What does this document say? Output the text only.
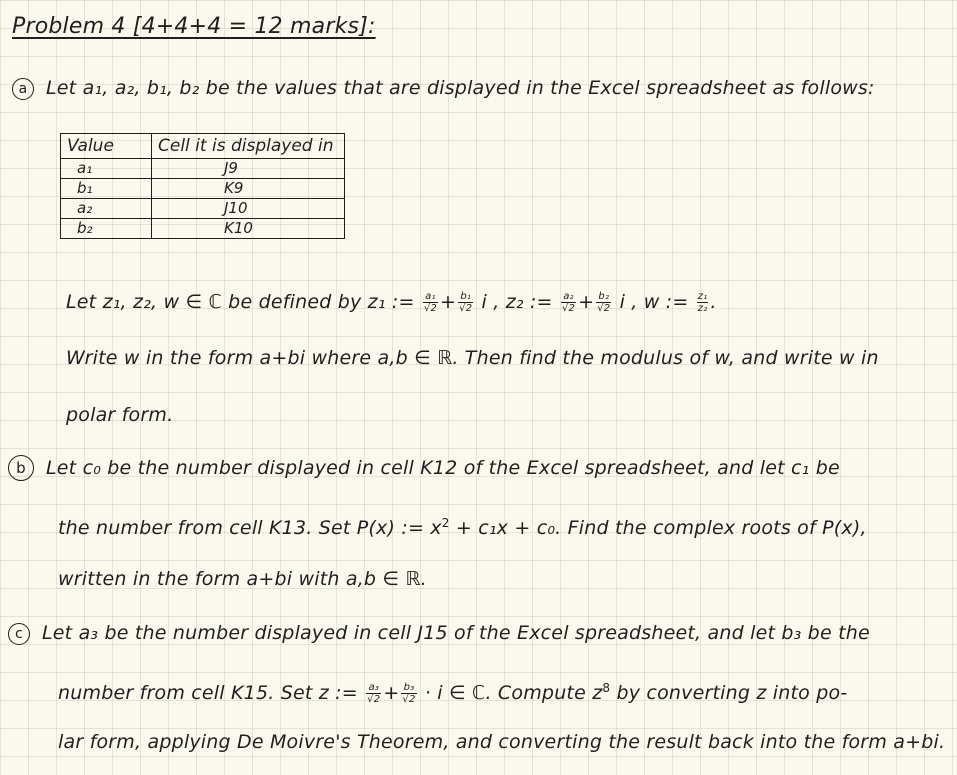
Problem 4 [4+4+4 = 12 marks]:
a Let a₁, a₂, b₁, b₂ be the values that are displayed in the Excel spreadsheet as follows:
Value	Cell it is displayed in
a₁	J9
b₁	K9
a₂	J10
b₂	K10
Let z₁, z₂, w ∈ ℂ be defined by z₁ := $\frac{\text{a₁}}{√2} + \frac{\text{b₁}}{√2}$ i , z₂ := $\frac{\text{a₂}}{√2} + \frac{\text{b₂}}{√2}$ i , w := $\frac{\text{z₁}}{\text{z₂}}$ .
Write w in the form a+bi where a,b ∈ ℝ. Then find the modulus of w, and write w in
polar form.
b Let c₀ be the number displayed in cell K12 of the Excel spreadsheet, and let c₁ be
the number from cell K13. Set P(x) := $x^2 + c_1x + c_0$. Find the complex roots of P(x),
written in the form a+bi with a,b ∈ ℝ.
c Let a₃ be the number displayed in cell J15 of the Excel spreadsheet, and let b₃ be the
number from cell K15. Set z := $\frac{\text{a₃}}{√2} + \frac{\text{b₃}}{√2} \cdot i$ ∈ ℂ. Compute $z^8$ by converting z into po-
lar form, applying De Moivre's Theorem, and converting the result back into the form a+bi.
